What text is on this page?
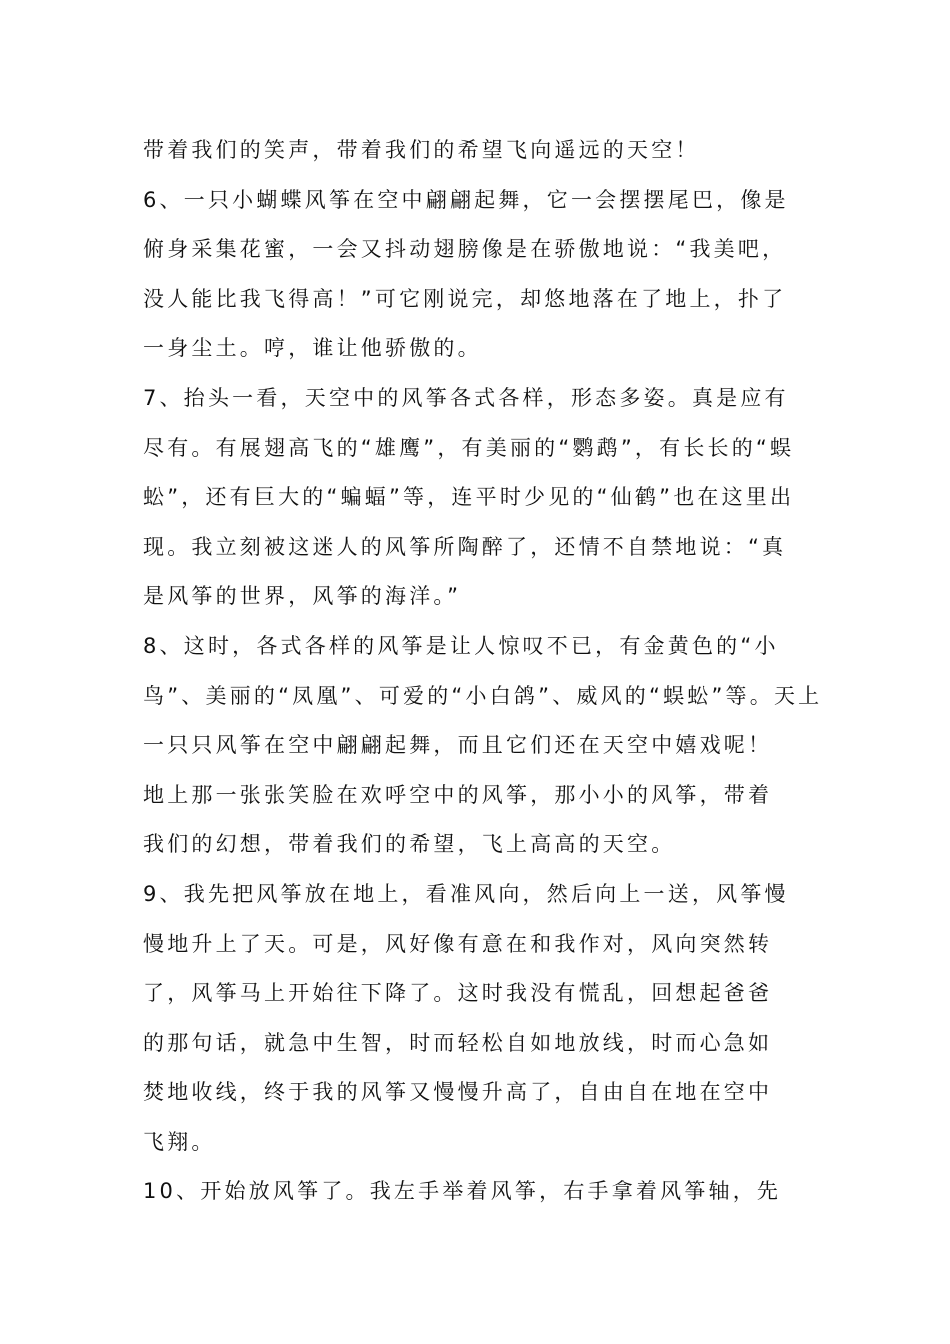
带着我们的笑声，带着我们的希望飞向遥远的天空！
6、一只小蝴蝶风筝在空中翩翩起舞，它一会摆摆尾巴，像是
俯身采集花蜜，一会又抖动翅膀像是在骄傲地说：“我美吧，
没人能比我飞得高！”可它刚说完，却悠地落在了地上，扑了
一身尘土。哼，谁让他骄傲的。
7、抬头一看，天空中的风筝各式各样，形态多姿。真是应有
尽有。有展翅高飞的“雄鹰”，有美丽的“鹦鹉”，有长长的“蜈
蚣”，还有巨大的“蝙蝠”等，连平时少见的“仙鹤”也在这里出
现。我立刻被这迷人的风筝所陶醉了，还情不自禁地说：“真
是风筝的世界，风筝的海洋。”
8、这时，各式各样的风筝是让人惊叹不已，有金黄色的“小
鸟”、美丽的“凤凰”、可爱的“小白鸽”、威风的“蜈蚣”等。天上
一只只风筝在空中翩翩起舞，而且它们还在天空中嬉戏呢！
地上那一张张笑脸在欢呼空中的风筝，那小小的风筝，带着
我们的幻想，带着我们的希望，飞上高高的天空。
9、我先把风筝放在地上，看准风向，然后向上一送，风筝慢
慢地升上了天。可是，风好像有意在和我作对，风向突然转
了，风筝马上开始往下降了。这时我没有慌乱，回想起爸爸
的那句话，就急中生智，时而轻松自如地放线，时而心急如
焚地收线，终于我的风筝又慢慢升高了，自由自在地在空中
飞翔。
10、开始放风筝了。我左手举着风筝，右手拿着风筝轴，先
